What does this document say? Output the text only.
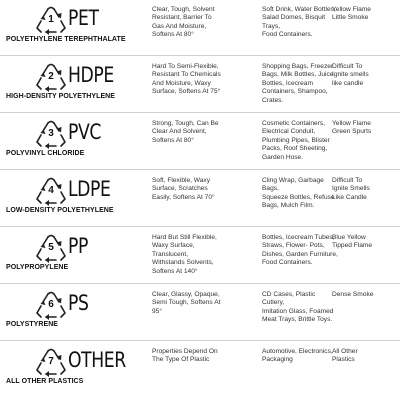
1 PET
POLYETHYLENE TEREPHTHALATE
Clear, Tough, Solvent
Resistant, Barrier To
Gas And Moisture,
Softens At 80°
Soft Drink, Water Bottles,
Salad Domes, Bisquit Trays,
Food Containers.
Yellow Flame
Little Smoke
2 HDPE
HIGH-DENSITY POLYETHYLENE
Hard To Semi-Flexible,
Resistant To Chemicals
And Moisture, Waxy
Surface, Softens At 75°
Shopping Bags, Freezer
Bags, Milk Bottles, Juice
Bottles, Icecream
Containers, Shampoo,
Crates.
Difficult To
Ignite smells
like candle
3 PVC
POLYVINYL CHLORIDE
Strong, Tough, Can Be
Clear And Solvent,
Softens At 80°
Cosmetic Containers,
Electrical Conduit,
Plumbing Pipes, Blister
Packs, Roof Sheeting,
Garden Hose.
Yellow Flame
Green Spurts
4 LDPE
LOW-DENSITY POLYETHYLENE
Soft, Flexible, Waxy
Surface, Scratches
Easily, Softens At 70°
Cling Wrap, Garbage Bags,
Squeeze Bottles, Refuse
Bags, Mulch Film.
Difficult To
Ignite Smells
Like Candle
5 PP
POLYPROPYLENE
Hard But Still Flexible,
Waxy Surface,
Translucent,
Withstands Solvents,
Softens At 140°
Bottles, Icecream Tubes,
Straws, Flower- Pots,
Dishes, Garden Furniture,
Food Containers.
Blue Yellow
Tipped Flame
6 PS
POLYSTYRENE
Clear, Glassy, Opaque,
Semi Tough, Softens At
95°
CD Cases, Plastic Cutlery,
Imitation Glass, Foamed
Meat Trays, Brittle Toys.
Dense Smoke
7 OTHER
ALL OTHER PLASTICS
Properties Depend On
The Type Of Plastic
Automotive, Electronics,
Packaging
All Other
Plastics
